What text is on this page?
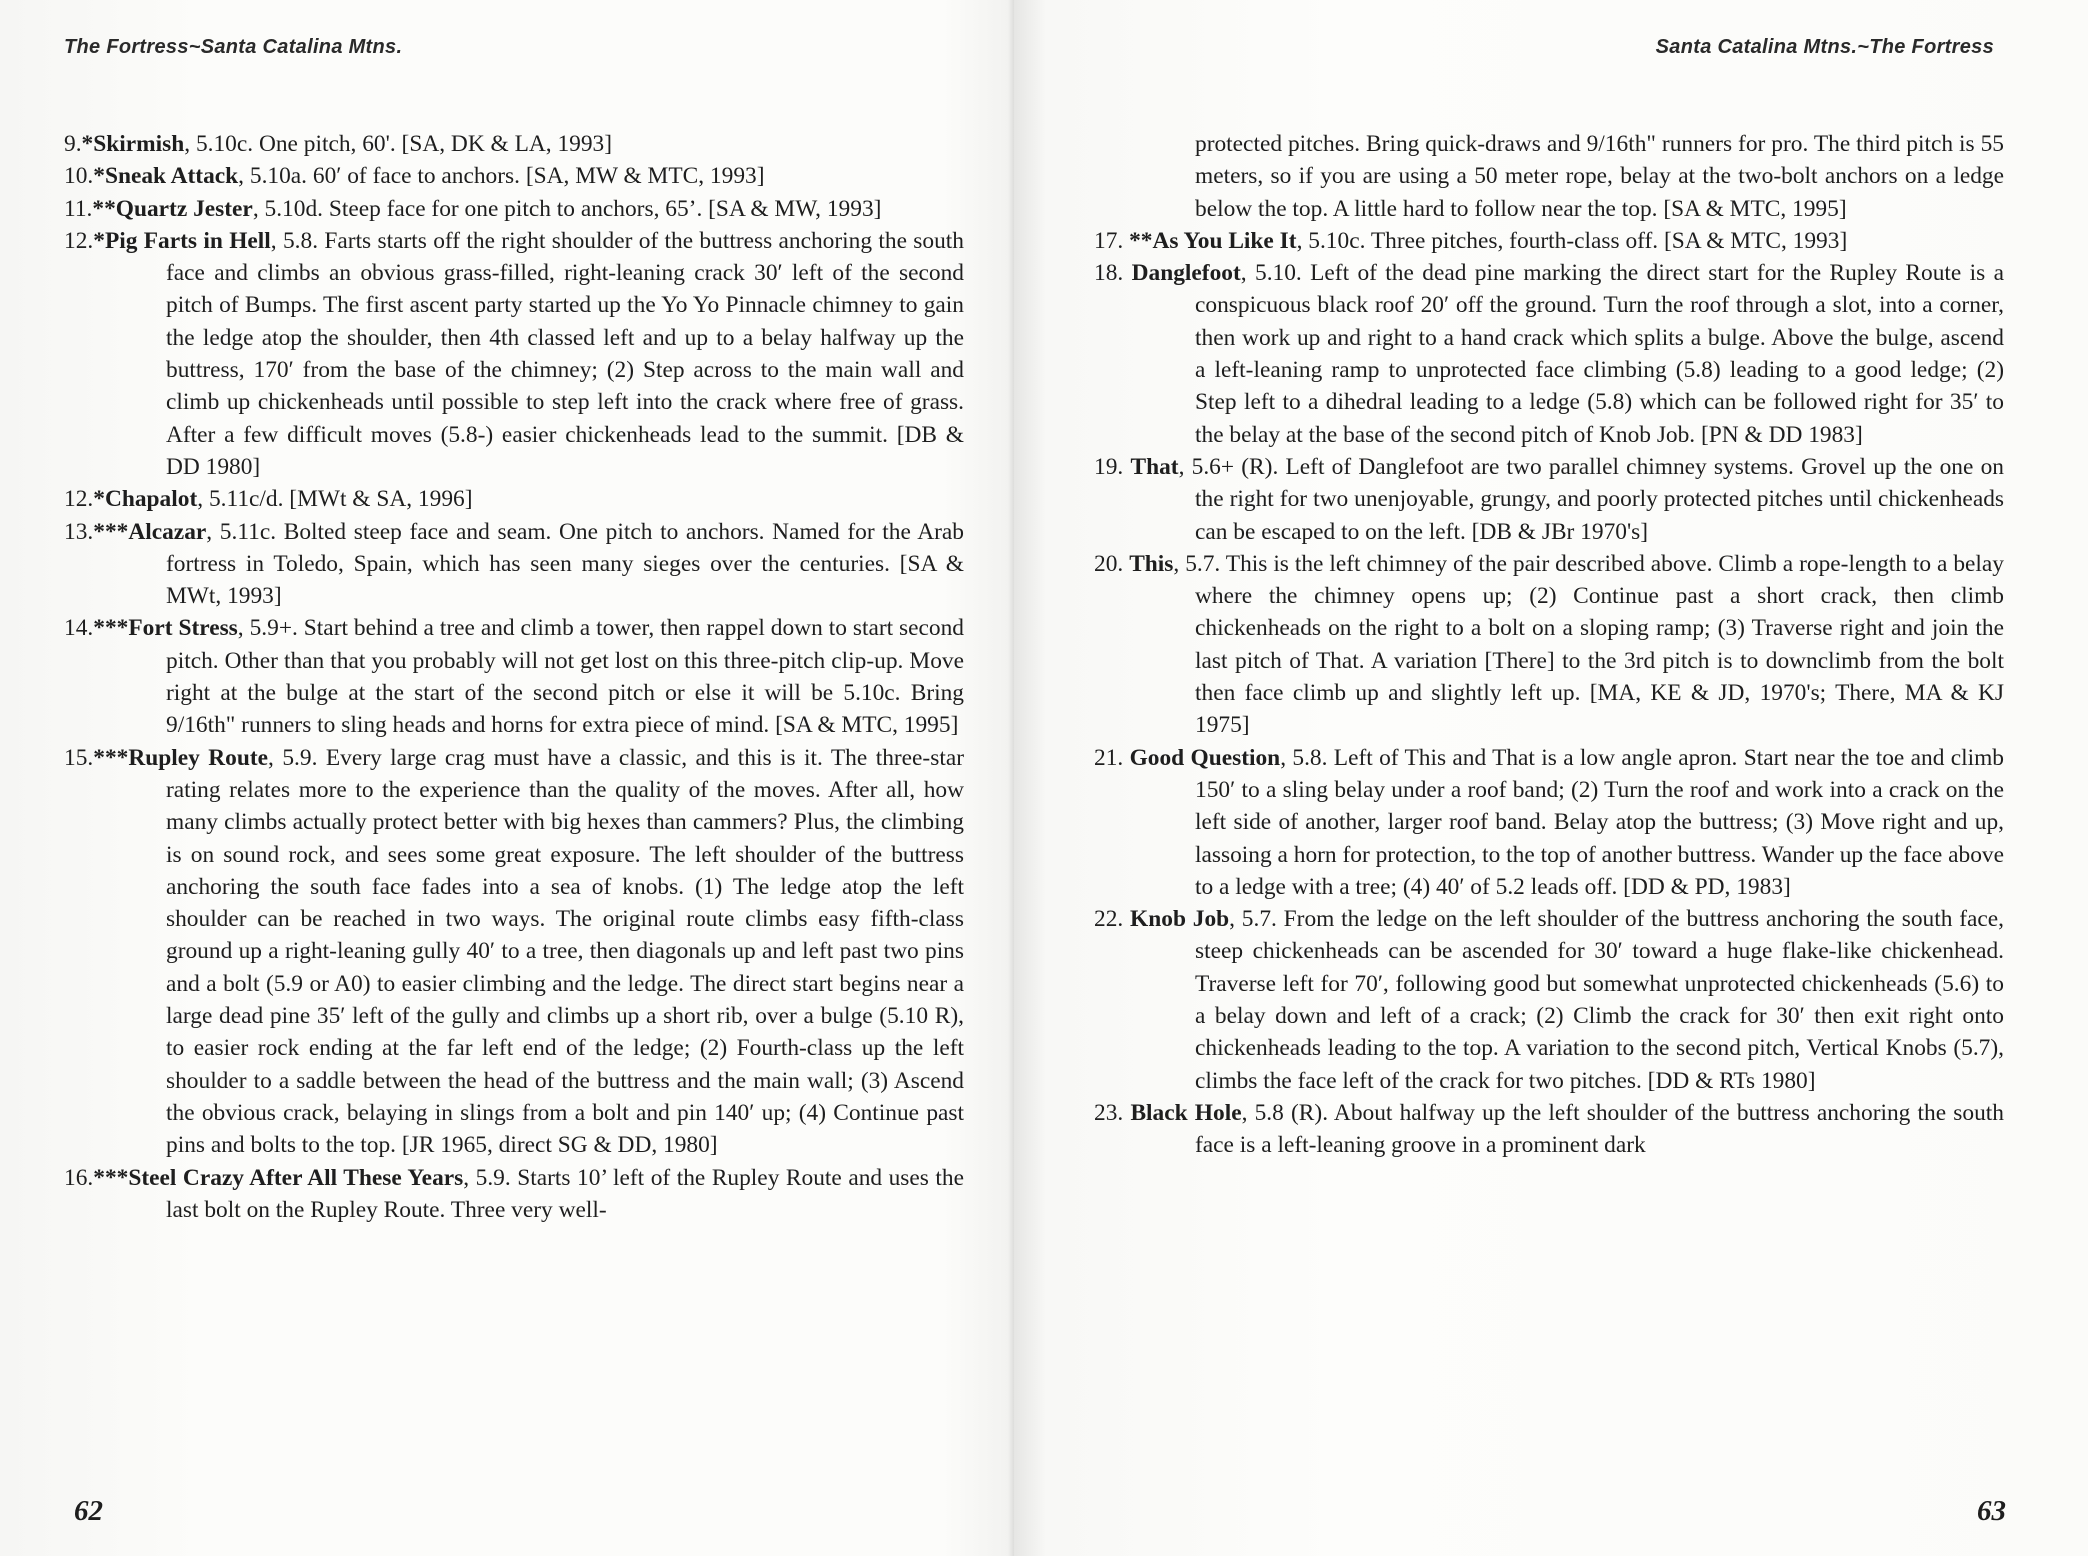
The Fortress~Santa Catalina Mtns.

9.*Skirmish, 5.10c. One pitch, 60'. [SA, DK & LA, 1993]

10.*Sneak Attack, 5.10a. 60′ of face to anchors. [SA, MW & MTC, 1993]

11.**Quartz Jester, 5.10d. Steep face for one pitch to anchors, 65’. [SA & MW, 1993]

12.*Pig Farts in Hell, 5.8. Farts starts off the right shoulder of the buttress anchoring the south face and climbs an obvious grass-filled, right-leaning crack 30′ left of the second pitch of Bumps. The first ascent party started up the Yo Yo Pinnacle chimney to gain the ledge atop the shoulder, then 4th classed left and up to a belay halfway up the buttress, 170′ from the base of the chimney; (2) Step across to the main wall and climb up chickenheads until possible to step left into the crack where free of grass. After a few difficult moves (5.8-) easier chickenheads lead to the summit. [DB & DD 1980]

12.*Chapalot, 5.11c/d. [MWt & SA, 1996]

13.***Alcazar, 5.11c. Bolted steep face and seam. One pitch to anchors. Named for the Arab fortress in Toledo, Spain, which has seen many sieges over the centuries. [SA & MWt, 1993]

14.***Fort Stress, 5.9+. Start behind a tree and climb a tower, then rappel down to start second pitch. Other than that you probably will not get lost on this three-pitch clip-up. Move right at the bulge at the start of the second pitch or else it will be 5.10c. Bring 9/16th" runners to sling heads and horns for extra piece of mind. [SA & MTC, 1995]

15.***Rupley Route, 5.9. Every large crag must have a classic, and this is it. The three-star rating relates more to the experience than the quality of the moves. After all, how many climbs actually protect better with big hexes than cammers? Plus, the climbing is on sound rock, and sees some great exposure. The left shoulder of the buttress anchoring the south face fades into a sea of knobs. (1) The ledge atop the left shoulder can be reached in two ways. The original route climbs easy fifth-class ground up a right-leaning gully 40′ to a tree, then diagonals up and left past two pins and a bolt (5.9 or A0) to easier climbing and the ledge. The direct start begins near a large dead pine 35′ left of the gully and climbs up a short rib, over a bulge (5.10 R), to easier rock ending at the far left end of the ledge; (2) Fourth-class up the left shoulder to a saddle between the head of the buttress and the main wall; (3) Ascend the obvious crack, belaying in slings from a bolt and pin 140′ up; (4) Continue past pins and bolts to the top. [JR 1965, direct SG & DD, 1980]

16.***Steel Crazy After All These Years, 5.9. Starts 10’ left of the Rupley Route and uses the last bolt on the Rupley Route. Three very well-

62
Santa Catalina Mtns.~The Fortress
63

protected pitches. Bring quick-draws and 9/16th" runners for pro. The third pitch is 55 meters, so if you are using a 50 meter rope, belay at the two-bolt anchors on a ledge below the top. A little hard to follow near the top. [SA & MTC, 1995]

17. **As You Like It, 5.10c. Three pitches, fourth-class off. [SA & MTC, 1993]

18. Danglefoot, 5.10. Left of the dead pine marking the direct start for the Rupley Route is a conspicuous black roof 20′ off the ground. Turn the roof through a slot, into a corner, then work up and right to a hand crack which splits a bulge. Above the bulge, ascend a left-leaning ramp to unprotected face climbing (5.8) leading to a good ledge; (2) Step left to a dihedral leading to a ledge (5.8) which can be followed right for 35′ to the belay at the base of the second pitch of Knob Job. [PN & DD 1983]

19. That, 5.6+ (R). Left of Danglefoot are two parallel chimney systems. Grovel up the one on the right for two unenjoyable, grungy, and poorly protected pitches until chickenheads can be escaped to on the left. [DB & JBr 1970's]

20. This, 5.7. This is the left chimney of the pair described above. Climb a rope-length to a belay where the chimney opens up; (2) Continue past a short crack, then climb chickenheads on the right to a bolt on a sloping ramp; (3) Traverse right and join the last pitch of That. A variation [There] to the 3rd pitch is to downclimb from the bolt then face climb up and slightly left up. [MA, KE & JD, 1970's; There, MA & KJ 1975]

21. Good Question, 5.8. Left of This and That is a low angle apron. Start near the toe and climb 150′ to a sling belay under a roof band; (2) Turn the roof and work into a crack on the left side of another, larger roof band. Belay atop the buttress; (3) Move right and up, lassoing a horn for protection, to the top of another buttress. Wander up the face above to a ledge with a tree; (4) 40′ of 5.2 leads off. [DD & PD, 1983]

22. Knob Job, 5.7. From the ledge on the left shoulder of the buttress anchoring the south face, steep chickenheads can be ascended for 30′ toward a huge flake-like chickenhead. Traverse left for 70′, following good but somewhat unprotected chickenheads (5.6) to a belay down and left of a crack; (2) Climb the crack for 30′ then exit right onto chickenheads leading to the top. A variation to the second pitch, Vertical Knobs (5.7), climbs the face left of the crack for two pitches. [DD & RTs 1980]

23. Black Hole, 5.8 (R). About halfway up the left shoulder of the buttress anchoring the south face is a left-leaning groove in a prominent dark
